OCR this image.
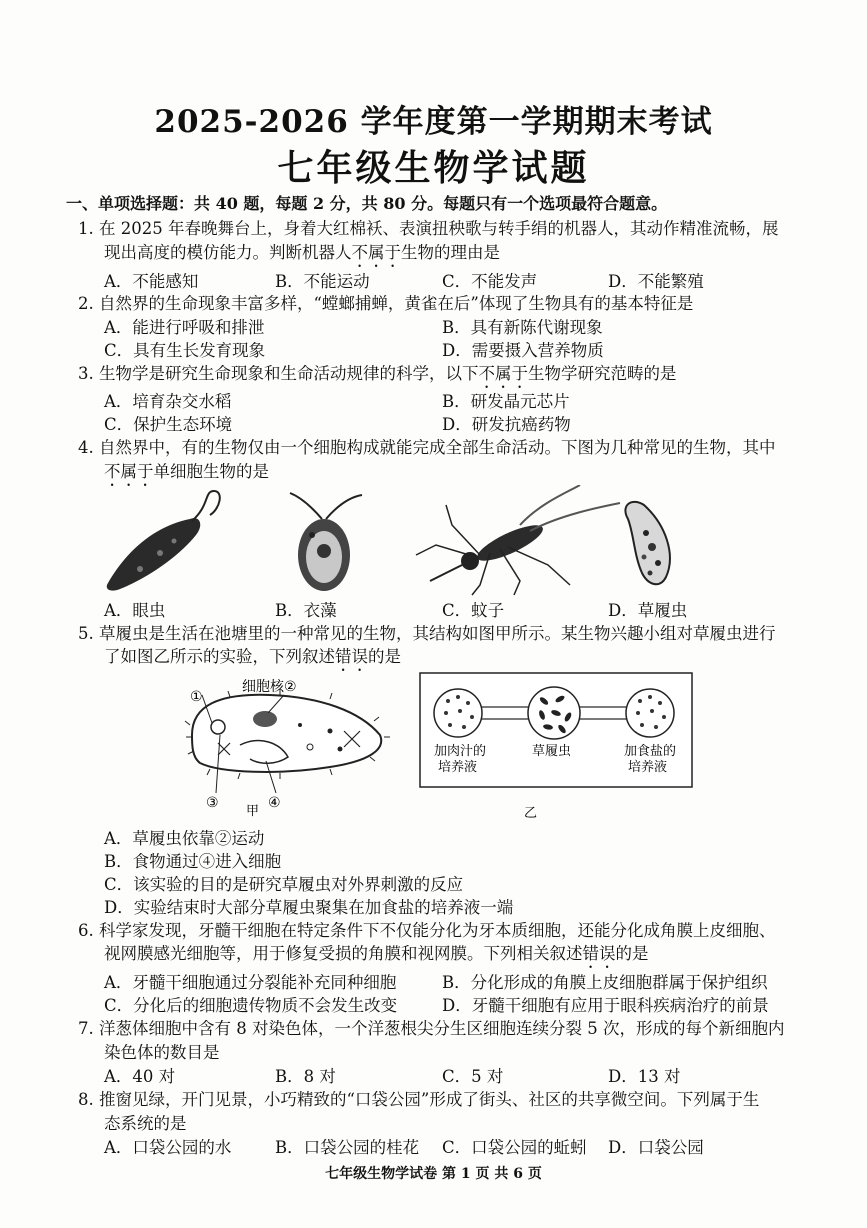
2025-2026 学年度第一学期期末考试
七年级生物学试题
一、单项选择题：共 40 题，每题 2 分，共 80 分。每题只有一个选项最符合题意。
1. 在 2025 年春晚舞台上，身着大红棉袄、表演扭秧歌与转手绢的机器人，其动作精准流畅，展
现出高度的模仿能力。判断机器人不属于生物的理由是
A．不能感知	B．不能运动	C．不能发声	D．不能繁殖
2. 自然界的生命现象丰富多样，“螳螂捕蝉，黄雀在后”体现了生物具有的基本特征是
A．能进行呼吸和排泄	B．具有新陈代谢现象
C．具有生长发育现象	D．需要摄入营养物质
3. 生物学是研究生命现象和生命活动规律的科学，以下不属于生物学研究范畴的是
A．培育杂交水稻	B．研发晶元芯片
C．保护生态环境	D．研发抗癌药物
4. 自然界中，有的生物仅由一个细胞构成就能完成全部生命活动。下图为几种常见的生物，其中
不属于单细胞生物的是
A．眼虫	B．衣藻	C．蚊子	D．草履虫
5. 草履虫是生活在池塘里的一种常见的生物，其结构如图甲所示。某生物兴趣小组对草履虫进行
了如图乙所示的实验，下列叙述错误的是
①
细胞核②
③	④
甲
加肉汁的
培养液
草履虫	加食盐的
培养液
乙
A．草履虫依靠②运动
B．食物通过④进入细胞
C．该实验的目的是研究草履虫对外界刺激的反应
D．实验结束时大部分草履虫聚集在加食盐的培养液一端
6. 科学家发现，牙髓干细胞在特定条件下不仅能分化为牙本质细胞，还能分化成角膜上皮细胞、
视网膜感光细胞等，用于修复受损的角膜和视网膜。下列相关叙述错误的是
A．牙髓干细胞通过分裂能补充同种细胞	B．分化形成的角膜上皮细胞群属于保护组织
C．分化后的细胞遗传物质不会发生改变	D．牙髓干细胞有应用于眼科疾病治疗的前景
7. 洋葱体细胞中含有 8 对染色体，一个洋葱根尖分生区细胞连续分裂 5 次，形成的每个新细胞内
染色体的数目是
A．40 对	B．8 对	C．5 对	D．13 对
8. 推窗见绿，开门见景，小巧精致的“口袋公园”形成了街头、社区的共享微空间。下列属于生
态系统的是
A．口袋公园的水	B．口袋公园的桂花 C．口袋公园的蚯蚓 D．口袋公园
七年级生物学试卷 第 1 页 共 6 页
